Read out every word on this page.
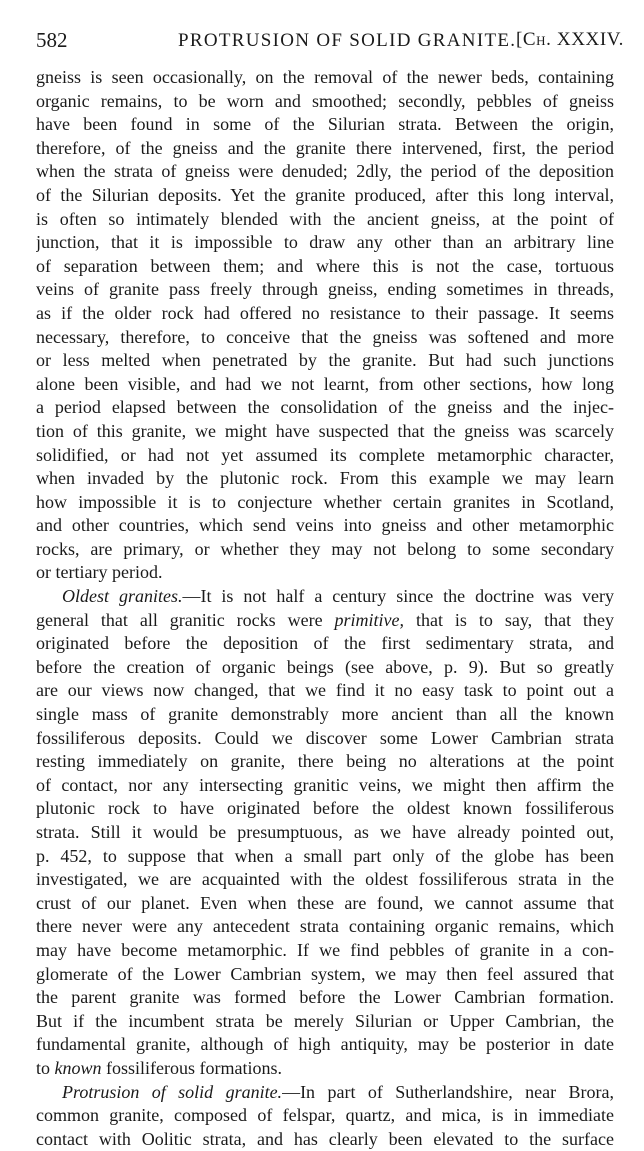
582	PROTRUSION OF SOLID GRANITE. [Ch. XXXIV.
gneiss is seen occasionally, on the removal of the newer beds, containing
organic remains, to be worn and smoothed; secondly, pebbles of gneiss
have been found in some of the Silurian strata. Between the origin,
therefore, of the gneiss and the granite there intervened, first, the period
when the strata of gneiss were denuded; 2dly, the period of the deposition
of the Silurian deposits. Yet the granite produced, after this long interval,
is often so intimately blended with the ancient gneiss, at the point of
junction, that it is impossible to draw any other than an arbitrary line
of separation between them; and where this is not the case, tortuous
veins of granite pass freely through gneiss, ending sometimes in threads,
as if the older rock had offered no resistance to their passage. It seems
necessary, therefore, to conceive that the gneiss was softened and more
or less melted when penetrated by the granite. But had such junctions
alone been visible, and had we not learnt, from other sections, how long
a period elapsed between the consolidation of the gneiss and the injec-
tion of this granite, we might have suspected that the gneiss was scarcely
solidified, or had not yet assumed its complete metamorphic character,
when invaded by the plutonic rock. From this example we may learn
how impossible it is to conjecture whether certain granites in Scotland,
and other countries, which send veins into gneiss and other metamorphic
rocks, are primary, or whether they may not belong to some secondary
or tertiary period.
Oldest granites.—It is not half a century since the doctrine was very
general that all granitic rocks were primitive, that is to say, that they
originated before the deposition of the first sedimentary strata, and
before the creation of organic beings (see above, p. 9). But so greatly
are our views now changed, that we find it no easy task to point out a
single mass of granite demonstrably more ancient than all the known
fossiliferous deposits. Could we discover some Lower Cambrian strata
resting immediately on granite, there being no alterations at the point
of contact, nor any intersecting granitic veins, we might then affirm the
plutonic rock to have originated before the oldest known fossiliferous
strata. Still it would be presumptuous, as we have already pointed out,
p. 452, to suppose that when a small part only of the globe has been
investigated, we are acquainted with the oldest fossiliferous strata in the
crust of our planet. Even when these are found, we cannot assume that
there never were any antecedent strata containing organic remains, which
may have become metamorphic. If we find pebbles of granite in a con-
glomerate of the Lower Cambrian system, we may then feel assured that
the parent granite was formed before the Lower Cambrian formation.
But if the incumbent strata be merely Silurian or Upper Cambrian, the
fundamental granite, although of high antiquity, may be posterior in date
to known fossiliferous formations.
Protrusion of solid granite.—In part of Sutherlandshire, near Brora,
common granite, composed of felspar, quartz, and mica, is in immediate
contact with Oolitic strata, and has clearly been elevated to the surface
